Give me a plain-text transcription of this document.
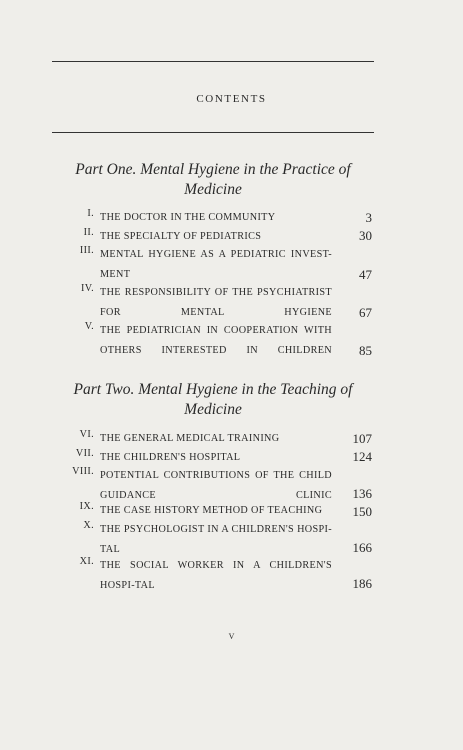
CONTENTS
Part One. Mental Hygiene in the Practice of Medicine
I. THE DOCTOR IN THE COMMUNITY	3
II. THE SPECIALTY OF PEDIATRICS	30
III. MENTAL HYGIENE AS A PEDIATRIC INVEST-MENT	47
IV. THE RESPONSIBILITY OF THE PSYCHIATRIST FOR MENTAL HYGIENE 67
V. THE PEDIATRICIAN IN COOPERATION WITH OTHERS INTERESTED IN CHILDREN 85
Part Two. Mental Hygiene in the Teaching of Medicine
VI. THE GENERAL MEDICAL TRAINING	107
VII. THE CHILDREN'S HOSPITAL	124
VIII. POTENTIAL CONTRIBUTIONS OF THE CHILD GUIDANCE CLINIC 136
IX. THE CASE HISTORY METHOD OF TEACHING	150
X. THE PSYCHOLOGIST IN A CHILDREN'S HOSPI-TAL	166
XI. THE SOCIAL WORKER IN A CHILDREN'S HOSPI-TAL	186
v
